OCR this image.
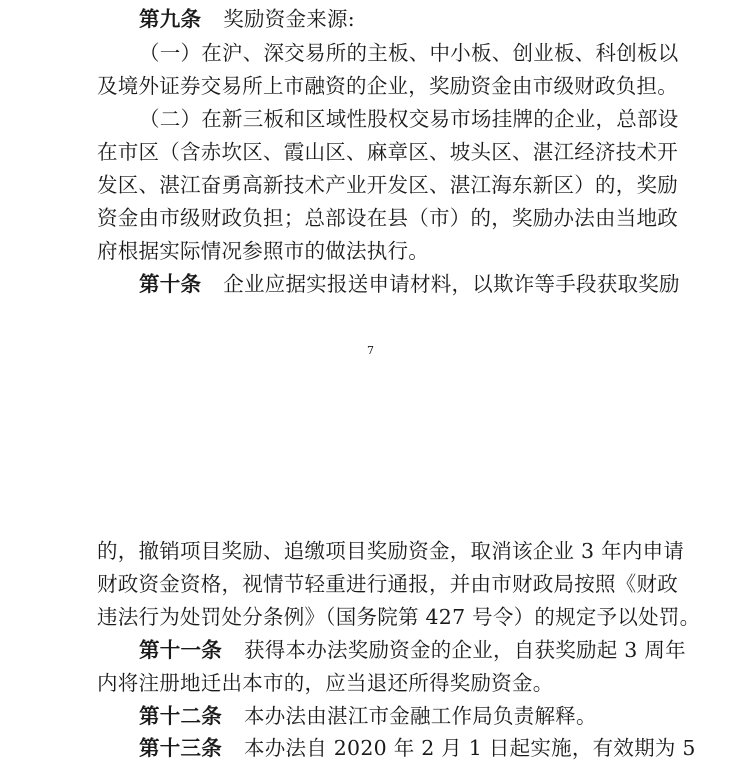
第九条 奖励资金来源:
（一）在沪、深交易所的主板、中小板、创业板、科创板以
及境外证券交易所上市融资的企业，奖励资金由市级财政负担。
（二）在新三板和区域性股权交易市场挂牌的企业，总部设
在市区（含赤坎区、霞山区、麻章区、坡头区、湛江经济技术开
发区、湛江奋勇高新技术产业开发区、湛江海东新区）的，奖励
资金由市级财政负担；总部设在县（市）的，奖励办法由当地政
府根据实际情况参照市的做法执行。
第十条 企业应据实报送申请材料，以欺诈等手段获取奖励
7
的，撤销项目奖励、追缴项目奖励资金，取消该企业 3 年内申请
财政资金资格，视情节轻重进行通报，并由市财政局按照《财政
违法行为处罚处分条例》（国务院第 427 号令）的规定予以处罚。
第十一条 获得本办法奖励资金的企业，自获奖励起 3 周年
内将注册地迁出本市的，应当退还所得奖励资金。
第十二条 本办法由湛江市金融工作局负责解释。
第十三条 本办法自 2020 年 2 月 1 日起实施，有效期为 5
